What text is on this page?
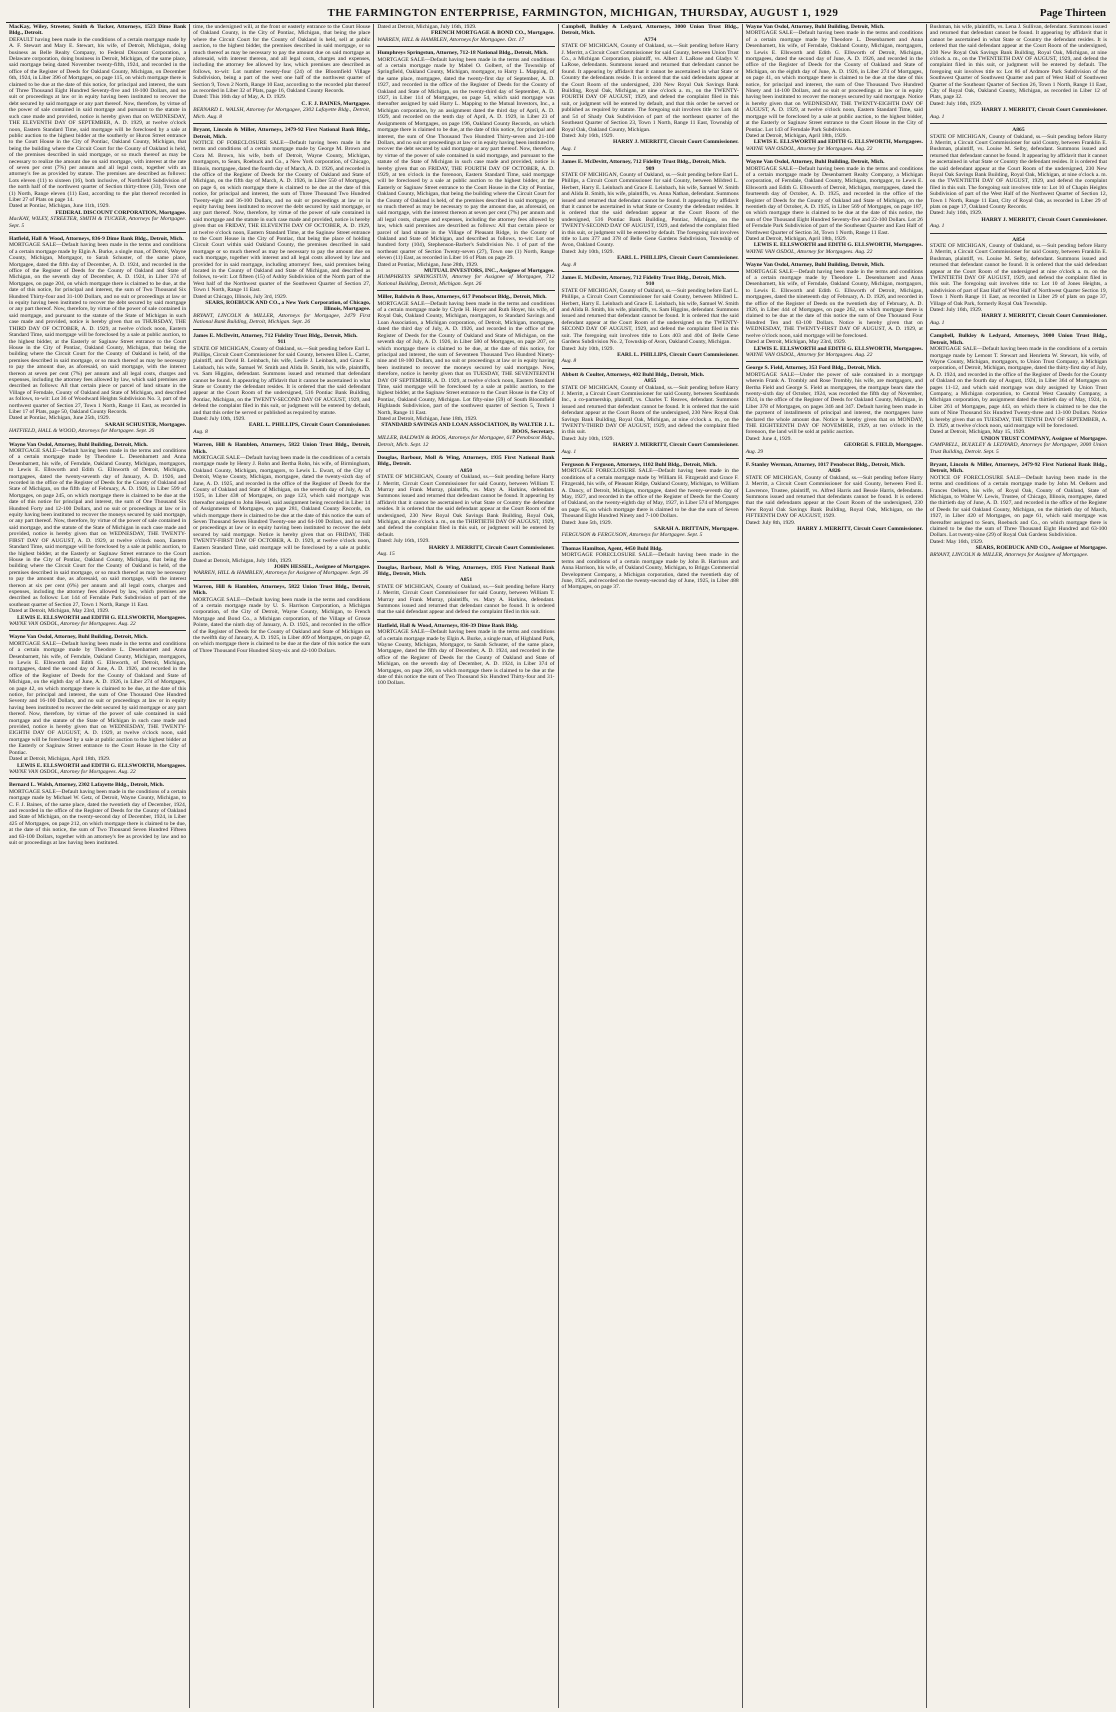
THE FARMINGTON ENTERPRISE, FARMINGTON, MICHIGAN, THURSDAY, AUGUST 1, 1929	Page Thirteen
MacKay, Wiley, Streeter, Smith & Tucker, Attorneys, 1523 Dime Bank Bldg., Detroit.
DEFAULT having been made in the conditions of a certain mortgage made by A. F. Stewart and Mary E. Stewart, his wife, of Detroit, Michigan, doing business as Belle Realty Company, to Federal Discount Corporation, a Delaware corporation, doing business in Detroit, Michigan, of the same place, said mortgage being dated November twenty-fifth, 1924, and recorded in the office of the Register of Deeds for Oakland County, Michigan, on December 6th, 1924, in Liber 396 of Mortgages, on page 115, on which mortgage there is claimed to be due at the date of this notice, for principal and interest, the sum of Three Thousand Eight Hundred Seventy-five and 18-100 Dollars, and no suit or proceedings at law or in equity having been instituted to recover the debt secured by said mortgage or any part thereof. Now, therefore, by virtue of the power of sale contained in said mortgage and pursuant to the statute in such case made and provided, notice is hereby given that on WEDNESDAY, THE ELEVENTH DAY OF SEPTEMBER, A. D. 1929, at twelve o'clock noon, Eastern Standard Time, said mortgage will be foreclosed by a sale at public auction to the highest bidder at the southerly or Huron Street entrance to the Court House in the City of Pontiac, Oakland County, Michigan, that being the building where the Circuit Court for the County of Oakland is held, of the premises described in said mortgage, or so much thereof as may be necessary to realize the amount due on said mortgage, with interest at the rate of seven per cent (7%) per annum and all legal costs, together with an attorney's fee as provided by statute. The premises are described as follows: Lots eleven (11) to sixteen (16), both inclusive, of Northfield Subdivision of the north half of the northwest quarter of Section thirty-three (33), Town one (1) North, Range eleven (11) East, according to the plat thereof recorded in Liber 27 of Plats on page 14.
Dated at Pontiac, Michigan, June 11th, 1929.
FEDERAL DISCOUNT CORPORATION, Mortgagee.
MacKAY, WILEY, STREETER, SMITH & TUCKER, Attorneys for Mortgagee. Sept. 5
Hatfield, Hall & Wood, Attorneys, 836-9 Dime Bank Bldg., Detroit, Mich.
MORTGAGE SALE—Default having been made in the terms and conditions of a certain mortgage made by Elgin A. Burke, a single man, of Detroit, Wayne County, Michigan, Mortgagor, to Sarah Schuster, of the same place, Mortgagee, dated the fifth day of December, A. D. 1924, and recorded in the office of the Register of Deeds for the County of Oakland and State of Michigan, on the seventh day of December, A. D. 1924, in Liber 374 of Mortgages, on page 204, on which mortgage there is claimed to be due, at the date of this notice, for principal and interest, the sum of Two Thousand Six Hundred Thirty-four and 31-100 Dollars, and no suit or proceedings at law or in equity having been instituted to recover the debt secured by said mortgage or any part thereof. Now, therefore, by virtue of the power of sale contained in said mortgage, and pursuant to the statute of the State of Michigan in such case made and provided, notice is hereby given that on THURSDAY, THE THIRD DAY OF OCTOBER, A. D. 1929, at twelve o'clock noon, Eastern Standard Time, said mortgage will be foreclosed by a sale at public auction, to the highest bidder, at the Easterly or Saginaw Street entrance to the Court House in the City of Pontiac, Oakland County, Michigan, that being the building where the Circuit Court for the County of Oakland is held, of the premises described in said mortgage, or so much thereof as may be necessary to pay the amount due, as aforesaid, on said mortgage, with the interest thereon at seven per cent (7%) per annum and all legal costs, charges and expenses, including the attorney fees allowed by law, which said premises are described as follows: All that certain piece or parcel of land situate in the Village of Ferndale, County of Oakland and State of Michigan, and described as follows, to-wit: Lot 36 of Woodward Heights Subdivision No. 3, part of the northwest quarter of Section 27, Town 1 North, Range 11 East, as recorded in Liber 17 of Plats, page 50, Oakland County Records.
Dated at Pontiac, Michigan, June 25th, 1929.
SARAH SCHUSTER, Mortgagee.
HATFIELD, HALL & WOOD, Attorneys for Mortgagee. Sept. 26
Wayne Van Osdol, Attorney, Buhl Building, Detroit, Mich.
MORTGAGE SALE—Default having been made in the terms and conditions of a certain mortgage made by Theodore L. Desenbarnett and Anna Desenbarnett, his wife, of Ferndale, Oakland County, Michigan, mortgagors, to Lewis E. Ellsworth and Edith G. Ellsworth of Detroit, Michigan, mortgagees, dated the twenty-seventh day of January, A. D. 1926, and recorded in the office of the Register of Deeds for the County of Oakland and State of Michigan, on the fifth day of February, A. D. 1926, in Liber 599 of Mortgages, on page 245, on which mortgage there is claimed to be due at the date of this notice for principal and interest, the sum of One Thousand Six Hundred Forty and 12-100 Dollars, and no suit or proceedings at law or in equity having been instituted to recover the moneys secured by said mortgage, or any part thereof. Now, therefore, by virtue of the power of sale contained in said mortgage, and the statute of the State of Michigan in such case made and provided, notice is hereby given that on WEDNESDAY, THE TWENTY-FIRST DAY OF AUGUST, A. D. 1929, at twelve o'clock noon, Eastern Standard Time, said mortgage will be foreclosed by a sale at public auction, to the highest bidder, at the Easterly or Saginaw Street entrance to the Court House in the City of Pontiac, Oakland County, Michigan, that being the building where the Circuit Court for the County of Oakland is held, of the premises described in said mortgage, or so much thereof as may be necessary to pay the amount due, as aforesaid, on said mortgage, with the interest thereon at six per cent (6%) per annum and all legal costs, charges and expenses, including the attorney fees allowed by law, which premises are described as follows: Lot 144 of Ferndale Park Subdivision of part of the southeast quarter of Section 27, Town 1 North, Range 11 East.
Dated at Detroit, Michigan, May 23rd, 1929.
LEWIS E. ELLSWORTH and EDITH G. ELLSWORTH, Mortgagees.
WAYNE VAN OSDOL, Attorney for Mortgagees. Aug. 22
Wayne Van Osdol, Attorney, Buhl Building, Detroit, Mich.
MORTGAGE SALE—Default having been made in the terms and conditions of a certain mortgage made by Theodore L. Desenbarnett and Anna Desenbarnett, his wife, of Ferndale, Oakland County, Michigan, mortgagors, to Lewis E. Ellsworth and Edith G. Ellsworth, of Detroit, Michigan, mortgagees, dated the second day of June, A. D. 1926, and recorded in the office of the Register of Deeds for the County of Oakland and State of Michigan, on the eighth day of June, A. D. 1926, in Liber 274 of Mortgages, on page 42, on which mortgage there is claimed to be due, at the date of this notice, for principal and interest, the sum of One Thousand One Hundred Seventy and 16-100 Dollars, and no suit or proceedings at law or in equity having been instituted to recover the debt secured by said mortgage or any part thereof. Now, therefore, by virtue of the power of sale contained in said mortgage and the statute of the State of Michigan in such case made and provided, notice is hereby given that on WEDNESDAY, THE TWENTY-EIGHTH DAY OF AUGUST, A. D. 1929, at twelve o'clock noon, said mortgage will be foreclosed by a sale at public auction to the highest bidder at the Easterly or Saginaw Street entrance to the Court House in the City of Pontiac.
Dated at Detroit, Michigan, April 18th, 1929.
LEWIS E. ELLSWORTH and EDITH G. ELLSWORTH, Mortgagees.
WAYNE VAN OSDOL, Attorney for Mortgagees. Aug. 22
Bernard L. Walsh, Attorney, 2302 Lafayette Bldg., Detroit, Mich.
MORTGAGE SALE—Default having been made in the conditions of a certain mortgage made by Michael W. Getz, of Detroit, Wayne County, Michigan, to C. F. J. Baines, of the same place, dated the twentieth day of December, 1924, and recorded in the office of the Register of Deeds for the County of Oakland and State of Michigan, on the twenty-second day of December, 1924, in Liber 425 of Mortgages, on page 212, on which mortgage there is claimed to be due, at the date of this notice, the sum of Two Thousand Seven Hundred Fifteen and 63-100 Dollars, together with an attorney's fee as provided by law and no suit or proceedings at law having been instituted.
time, the undersigned will, at the front or easterly entrance to the Court House of Oakland County, in the City of Pontiac, Michigan, that being the place where the Circuit Court for the County of Oakland is held, sell at public auction, to the highest bidder, the premises described in said mortgage, or so much thereof as may be necessary to pay the amount due on said mortgage as aforesaid, with interest thereon, and all legal costs, charges and expenses, including the attorney fee allowed by law, which premises are described as follows, to-wit: Lot number twenty-four (24) of the Bloomfield Village Subdivision, being a part of the west one half of the northwest quarter of Section 9, Town 2 North, Range 10 East, according to the recorded plat thereof as recorded in Liber 32 of Plats, page 16, Oakland County Records.
Dated: This 16th day of May, A. D. 1929.
C. F. J. BAINES, Mortgagee.
BERNARD L. WALSH, Attorney for Mortgagee, 2302 Lafayette Bldg., Detroit, Mich. Aug. 8
Bryant, Lincoln & Miller, Attorneys, 2479-92 First National Bank Bldg., Detroit, Mich.
NOTICE OF FORECLOSURE SALE—Default having been made in the terms and conditions of a certain mortgage made by George M. Brown and Cora M. Brown, his wife, both of Detroit, Wayne County, Michigan, mortgagors, to Sears, Roebuck and Co., a New York corporation, of Chicago, Illinois, mortgagee, dated the fourth day of March, A. D. 1926, and recorded in the office of the Register of Deeds for the County of Oakland and State of Michigan, on the fifth day of March, A. D. 1926, in Liber 550 of Mortgages, on page 6, on which mortgage there is claimed to be due at the date of this notice, for principal and interest, the sum of Three Thousand Two Hundred Twenty-eight and 36-100 Dollars, and no suit or proceedings at law or in equity having been instituted to recover the debt secured by said mortgage, or any part thereof. Now, therefore, by virtue of the power of sale contained in said mortgage and the statute in such case made and provided, notice is hereby given that on FRIDAY, THE ELEVENTH DAY OF OCTOBER, A. D. 1929, at twelve o'clock noon, Eastern Standard Time, at the Saginaw Street entrance to the Court House in the City of Pontiac, that being the place of holding Circuit Court within said Oakland County, the premises described in said mortgage or so much thereof as may be necessary to pay the amount due on such mortgage, together with interest and all legal costs allowed by law and provided for in said mortgage, including attorneys' fees, said premises being located in the County of Oakland and State of Michigan, and described as follows, to-wit: Lot fifteen (15) of Ashby Subdivision of the North part of the West half of the Northwest quarter of the Southwest Quarter of Section 27, Town 1 North, Range 11 East.
Dated at Chicago, Illinois, July 3rd, 1929.
SEARS, ROEBUCK AND CO., a New York Corporation, of Chicago, Illinois, Mortgagee.
BRYANT, LINCOLN & MILLER, Attorneys for Mortgagee, 2479 First National Bank Building, Detroit, Michigan. Sept. 26
James E. McDevitt, Attorney, 712 Fidelity Trust Bldg., Detroit, Mich.
911
STATE OF MICHIGAN, County of Oakland, ss.—Suit pending before Earl L. Phillips, Circuit Court Commissioner for said County, between Ellen L. Carter, plaintiff, and David B. Leinbach, his wife, Leslie J. Leinbach, and Grace E. Leinbach, his wife, Samuel W. Smith and Alida B. Smith, his wife, plaintiffs, vs. Sam Higgins, defendant. Summons issued and returned that defendant cannot be found. It appearing by affidavit that it cannot be ascertained in what State or Country the defendant resides. It is ordered that the said defendant appear at the Court Room of the undersigned, 516 Pontiac Bank Building, Pontiac, Michigan, on the TWENTY-SECOND DAY OF AUGUST, 1929, and defend the complaint filed in this suit, or judgment will be entered by default, and that this order be served or published as required by statute.
Dated: July 10th, 1929.
EARL L. PHILLIPS, Circuit Court Commissioner.
Aug. 8
Warren, Hill & Hamblen, Attorneys, 5822 Union Trust Bldg., Detroit, Mich.
MORTGAGE SALE—Default having been made in the conditions of a certain mortgage made by Henry J. Rohn and Bertha Rohn, his wife, of Birmingham, Oakland County, Michigan, mortgagors, to Lewis L. Ewart, of the City of Detroit, Wayne County, Michigan, mortgagee, dated the twenty-sixth day of June, A. D. 1925, and recorded in the office of the Register of Deeds for the County of Oakland and State of Michigan, on the seventh day of July, A. D. 1925, in Liber 438 of Mortgages, on page 123, which said mortgage was thereafter assigned to John Hessel, said assignment being recorded in Liber 14 of Assignments of Mortgages, on page 281, Oakland County Records, on which mortgage there is claimed to be due at the date of this notice the sum of Seven Thousand Seven Hundred Twenty-one and 64-100 Dollars, and no suit or proceedings at law or in equity having been instituted to recover the debt secured by said mortgage. Notice is hereby given that on FRIDAY, THE TWENTY-FIRST DAY OF OCTOBER, A. D. 1929, at twelve o'clock noon, Eastern Standard Time, said mortgage will be foreclosed by a sale at public auction.
Dated at Detroit, Michigan, July 16th, 1929.
JOHN HESSEL, Assignee of Mortgagee.
WARREN, HILL & HAMBLEN, Attorneys for Assignee of Mortgagee. Sept. 26
Warren, Hill & Hamblen, Attorneys, 5822 Union Trust Bldg., Detroit, Mich.
MORTGAGE SALE—Default having been made in the terms and conditions of a certain mortgage made by U. S. Harrison Corporation, a Michigan corporation, of the City of Detroit, Wayne County, Michigan, to French Mortgage and Bond Co., a Michigan corporation, of the Village of Grosse Pointe, dated the ninth day of January, A. D. 1925, and recorded in the office of the Register of Deeds for the County of Oakland and State of Michigan on the twelfth day of January, A. D. 1925, in Liber 409 of Mortgages, on page 42, on which mortgage there is claimed to be due at the date of this notice the sum of Three Thousand Four Hundred Sixty-six and 42-100 Dollars.
Dated at Detroit, Michigan, July 16th, 1929.
FRENCH MORTGAGE & BOND CO., Mortgagee.
WARREN, HILL & HAMBLEN, Attorneys for Mortgagee. Oct. 17
Humphreys Springstun, Attorney, 712-18 National Bldg., Detroit, Mich.
MORTGAGE SALE—Default having been made in the terms and conditions of a certain mortgage made by Mabel O. Golbert, of the Township of Springfield, Oakland County, Michigan, mortgagor, to Harry L. Mapping, of the same place, mortgagee, dated the twenty-first day of September, A. D. 1927, and recorded in the office of the Register of Deeds for the County of Oakland and State of Michigan, on the twenty-third day of September, A. D. 1927, in Liber 114 of Mortgages, on page 54, which said mortgage was thereafter assigned by said Harry L. Mapping to the Mutual Investors, Inc., a Michigan corporation, by an assignment dated the third day of April, A. D. 1929, and recorded on the tenth day of April, A. D. 1929, in Liber 23 of Assignments of Mortgages, on page 196, Oakland County Records, on which mortgage there is claimed to be due, at the date of this notice, for principal and interest, the sum of One Thousand Two Hundred Thirty-seven and 21-100 Dollars, and no suit or proceedings at law or in equity having been instituted to recover the debt secured by said mortgage or any part thereof. Now, therefore, by virtue of the power of sale contained in said mortgage, and pursuant to the statute of the State of Michigan in such case made and provided, notice is hereby given that on FRIDAY, THE FOURTH DAY OF OCTOBER, A. D. 1929, at ten o'clock in the forenoon, Eastern Standard Time, said mortgage will be foreclosed by a sale at public auction to the highest bidder, at the Easterly or Saginaw Street entrance to the Court House in the City of Pontiac, Oakland County, Michigan, that being the building where the Circuit Court for the County of Oakland is held, of the premises described in said mortgage, or so much thereof as may be necessary to pay the amount due, as aforesaid, on said mortgage, with the interest thereon at seven per cent (7%) per annum and all legal costs, charges and expenses, including the attorney fees allowed by law, which said premises are described as follows: All that certain piece or parcel of land situate in the Village of Pleasant Ridge, in the County of Oakland and State of Michigan, and described as follows, to-wit: Lot one hundred forty (104), Stephenson-Barber's Subdivision No. 1 of part of the northeast quarter of Section Twenty-seven (27), Town one (1) North, Range eleven (11) East, as recorded in Liber 16 of Plats on page 29.
Dated at Pontiac, Michigan, June 28th, 1929.
MUTUAL INVESTORS, INC., Assignee of Mortgagee.
HUMPHREYS SPRINGSTUN, Attorney for Assignee of Mortgagee, 712 National Building, Detroit, Michigan. Sept. 26
Miller, Baldwin & Boos, Attorneys, 617 Penobscot Bldg., Detroit, Mich.
MORTGAGE SALE—Default having been made in the terms and conditions of a certain mortgage made by Clyde H. Hoyer and Ruth Hoyer, his wife, of Royal Oak, Oakland County, Michigan, mortgagors, to Standard Savings and Loan Association, a Michigan corporation, of Detroit, Michigan, mortgagee, dated the third day of July, A. D. 1926, and recorded in the office of the Register of Deeds for the County of Oakland and State of Michigan, on the seventh day of July, A. D. 1926, in Liber 580 of Mortgages, on page 207, on which mortgage there is claimed to be due, at the date of this notice, for principal and interest, the sum of Seventeen Thousand Two Hundred Ninety-nine and 18-100 Dollars, and no suit or proceedings at law or in equity having been instituted to recover the moneys secured by said mortgage. Now, therefore, notice is hereby given that on TUESDAY, THE SEVENTEENTH DAY OF SEPTEMBER, A. D. 1929, at twelve o'clock noon, Eastern Standard Time, said mortgage will be foreclosed by a sale at public auction, to the highest bidder, at the Saginaw Street entrance to the Court House in the City of Pontiac, Oakland County, Michigan. Lot fifty-nine (59) of South Bloomfield Highlands Subdivision, part of the southwest quarter of Section 5, Town 1 North, Range 11 East.
Dated at Detroit, Michigan, June 18th, 1929.
STANDARD SAVINGS AND LOAN ASSOCIATION, By WALTER J. L. BOOS, Secretary.
MILLER, BALDWIN & BOOS, Attorneys for Mortgagee, 617 Penobscot Bldg., Detroit, Mich. Sept. 12
Douglas, Barbour, Moll & Wing, Attorneys, 1935 First National Bank Bldg., Detroit.
A850
STATE OF MICHIGAN, County of Oakland, ss.—Suit pending before Harry J. Merritt, Circuit Court Commissioner for said County, between William T. Murray and Frank Murray, plaintiffs, vs. Mary A. Harkins, defendant. Summons issued and returned that defendant cannot be found. It appearing by affidavit that it cannot be ascertained in what State or Country the defendant resides. It is ordered that the said defendant appear at the Court Room of the undersigned, 230 New Royal Oak Savings Bank Building, Royal Oak, Michigan, at nine o'clock a. m., on the THIRTIETH DAY OF AUGUST, 1929, and defend the complaint filed in this suit, or judgment will be entered by default.
Dated: July 16th, 1929.
HARRY J. MERRITT, Circuit Court Commissioner.
Aug. 15
Douglas, Barbour, Moll & Wing, Attorneys, 1935 First National Bank Bldg., Detroit, Mich.
A851
STATE OF MICHIGAN, County of Oakland, ss.—Suit pending before Harry J. Merritt, Circuit Court Commissioner for said County, between William T. Murray and Frank Murray, plaintiffs, vs. Mary A. Harkins, defendant. Summons issued and returned that defendant cannot be found. It is ordered that the said defendant appear and defend the complaint filed in this suit.
Hatfield, Hall & Wood, Attorneys, 836-39 Dime Bank Bldg.
MORTGAGE SALE—Default having been made in the terms and conditions of a certain mortgage made by Elgin A. Burke, a single man, of Highland Park, Wayne County, Michigan, Mortgagor, to Sarah Schuster, of the same place, Mortgagee, dated the fifth day of December, A. D. 1924, and recorded in the office of the Register of Deeds for the County of Oakland and State of Michigan, on the seventh day of December, A. D. 1924, in Liber 374 of Mortgages, on page 206, on which mortgage there is claimed to be due at the date of this notice the sum of Two Thousand Six Hundred Thirty-four and 31-100 Dollars.
Campbell, Bulkley & Ledyard, Attorneys, 3000 Union Trust Bldg., Detroit, Mich.
A774
STATE OF MICHIGAN, County of Oakland, ss.—Suit pending before Harry J. Merritt, a Circuit Court Commissioner for said County, between Union Trust Co., a Michigan Corporation, plaintiff, vs. Albert J. LaRose and Gladys V. LaRose, defendants. Summons issued and returned that defendant cannot be found. It appearing by affidavit that it cannot be ascertained in what State or Country the defendants reside. It is ordered that the said defendants appear at the Court Room of the undersigned, 230 New Royal Oak Savings Bank Building, Royal Oak, Michigan, at nine o'clock a. m., on the TWENTY-FOURTH DAY OF AUGUST, 1929, and defend the complaint filed in this suit, or judgment will be entered by default, and that this order be served or published as required by statute. The foregoing suit involves title to: Lots 44 and 54 of Shady Oak Subdivision of part of the northeast quarter of the Southeast Quarter of Section 23, Town 1 North, Range 11 East, Township of Royal Oak, Oakland County, Michigan.
Dated: July 16th, 1929.
HARRY J. MERRITT, Circuit Court Commissioner.
Aug. 1
James E. McDevitt, Attorney, 712 Fidelity Trust Bldg., Detroit, Mich.
909
STATE OF MICHIGAN, County of Oakland, ss.—Suit pending before Earl L. Phillips, a Circuit Court Commissioner for said County, between Mildred L. Herbert, Harry E. Leinbach and Grace E. Leinbach, his wife, Samuel W. Smith and Alida B. Smith, his wife, plaintiffs, vs. Anna Nathan, defendant. Summons issued and returned that defendant cannot be found. It appearing by affidavit that it cannot be ascertained in what State or Country the defendant resides. It is ordered that the said defendant appear at the Court Room of the undersigned, 516 Pontiac Bank Building, Pontiac, Michigan, on the TWENTY-SECOND DAY OF AUGUST, 1929, and defend the complaint filed in this suit, or judgment will be entered by default. The foregoing suit involves title to Lots 377 and 378 of Belle Gene Gardens Subdivision, Township of Avon, Oakland County.
Dated: July 10th, 1929.
EARL L. PHILLIPS, Circuit Court Commissioner.
Aug. 8
James E. McDevitt, Attorney, 712 Fidelity Trust Bldg., Detroit, Mich.
910
STATE OF MICHIGAN, County of Oakland, ss.—Suit pending before Earl L. Phillips, a Circuit Court Commissioner for said County, between Mildred L. Herbert, Harry E. Leinbach and Grace E. Leinbach, his wife, Samuel W. Smith and Alida B. Smith, his wife, plaintiffs, vs. Sam Higgins, defendant. Summons issued and returned that defendant cannot be found. It is ordered that the said defendant appear at the Court Room of the undersigned on the TWENTY-SECOND DAY OF AUGUST, 1929, and defend the complaint filed in this suit. The foregoing suit involves title to Lots 403 and 404 of Belle Gene Gardens Subdivision No. 2, Township of Avon, Oakland County, Michigan.
Dated: July 10th, 1929.
EARL L. PHILLIPS, Circuit Court Commissioner.
Aug. 8
Abbott & Coulter, Attorneys, 402 Buhl Bldg., Detroit, Mich.
A855
STATE OF MICHIGAN, County of Oakland, ss.—Suit pending before Harry J. Merritt, a Circuit Court Commissioner for said County, between Southlands Inc., a co-partnership, plaintiff, vs. Charles T. Reaves, defendant. Summons issued and returned that defendant cannot be found. It is ordered that the said defendant appear at the Court Room of the undersigned, 230 New Royal Oak Savings Bank Building, Royal Oak, Michigan, at nine o'clock a. m., on the TWENTY-THIRD DAY OF AUGUST, 1929, and defend the complaint filed in this suit.
Dated: July 10th, 1929.
HARRY J. MERRITT, Circuit Court Commissioner.
Aug. 1
Ferguson & Ferguson, Attorneys, 1102 Buhl Bldg., Detroit, Mich.
MORTGAGE FORECLOSURE SALE—Default having been made in the conditions of a certain mortgage made by William H. Fitzgerald and Grace F. Fitzgerald, his wife, of Pleasant Ridge, Oakland County, Michigan, to William A. Dancy, of Detroit, Michigan, mortgagee, dated the twenty-seventh day of May, 1927, and recorded in the office of the Register of Deeds for the County of Oakland, on the twenty-eighth day of May, 1927, in Liber 574 of Mortgages on page 65, on which mortgage there is claimed to be due the sum of Seven Thousand Eight Hundred Ninety and 7-100 Dollars.
Dated: June 5th, 1929.
SARAH A. BRITTAIN, Mortgagee.
FERGUSON & FERGUSON, Attorneys for Mortgagee. Sept. 5
Thomas Hamilton, Agent, 4450 Buhl Bldg.
MORTGAGE FORECLOSURE SALE—Default having been made in the terms and conditions of a certain mortgage made by John B. Harrison and Anna Harrison, his wife, of Oakland County, Michigan, to Briggs Commercial Development Company, a Michigan corporation, dated the twentieth day of June, 1925, and recorded on the twenty-second day of June, 1925, in Liber 488 of Mortgages, on page 37.
Wayne Van Osdol, Attorney, Buhl Building, Detroit, Mich.
MORTGAGE SALE—Default having been made in the terms and conditions of a certain mortgage made by Theodore L. Desenbarnett and Anna Desenbarnett, his wife, of Ferndale, Oakland County, Michigan, mortgagors, to Lewis E. Ellsworth and Edith G. Ellsworth of Detroit, Michigan, mortgagees, dated the second day of June, A. D. 1926, and recorded in the office of the Register of Deeds for the County of Oakland and State of Michigan, on the eighth day of June, A. D. 1926, in Liber 274 of Mortgages, on page 41, on which mortgage there is claimed to be due at the date of this notice, for principal and interest, the sum of One Thousand Two Hundred Ninety and 14-100 Dollars, and no suit or proceedings at law or in equity having been instituted to recover the moneys secured by said mortgage. Notice is hereby given that on WEDNESDAY, THE TWENTY-EIGHTH DAY OF AUGUST, A. D. 1929, at twelve o'clock noon, Eastern Standard Time, said mortgage will be foreclosed by a sale at public auction, to the highest bidder, at the Easterly or Saginaw Street entrance to the Court House in the City of Pontiac. Lot 143 of Ferndale Park Subdivision.
Dated at Detroit, Michigan, April 18th, 1929.
LEWIS E. ELLSWORTH and EDITH G. ELLSWORTH, Mortgagees.
WAYNE VAN OSDOL, Attorney for Mortgagees. Aug. 22
Wayne Van Osdol, Attorney, Buhl Building, Detroit, Mich.
MORTGAGE SALE—Default having been made in the terms and conditions of a certain mortgage made by Desenbarnett Realty Company, a Michigan corporation, of Ferndale, Oakland County, Michigan, mortgagor, to Lewis E. Ellsworth and Edith G. Ellsworth of Detroit, Michigan, mortgagees, dated the fourteenth day of October, A. D. 1925, and recorded in the office of the Register of Deeds for the County of Oakland and State of Michigan, on the twentieth day of October, A. D. 1925, in Liber 569 of Mortgages, on page 187, on which mortgage there is claimed to be due at the date of this notice, the sum of One Thousand Eight Hundred Seventy-five and 22-100 Dollars. Lot 26 of Ferndale Park Subdivision of part of the Southeast Quarter and East Half of Northwest Quarter of Section 34, Town 1 North, Range 11 East.
Dated at Detroit, Michigan, April 18th, 1929.
LEWIS E. ELLSWORTH and EDITH G. ELLSWORTH, Mortgagees.
WAYNE VAN OSDOL, Attorney for Mortgagees. Aug. 22
Wayne Van Osdol, Attorney, Buhl Building, Detroit, Mich.
MORTGAGE SALE—Default having been made in the terms and conditions of a certain mortgage made by Theodore L. Desenbarnett and Anna Desenbarnett, his wife, of Ferndale, Oakland County, Michigan, mortgagors, to Lewis E. Ellsworth and Edith G. Ellsworth of Detroit, Michigan, mortgagees, dated the nineteenth day of February, A. D. 1926, and recorded in the office of the Register of Deeds on the twentieth day of February, A. D. 1926, in Liber 444 of Mortgages, on page 262, on which mortgage there is claimed to be due at the date of this notice the sum of One Thousand Four Hundred Ten and 63-100 Dollars. Notice is hereby given that on WEDNESDAY, THE TWENTY-FIRST DAY OF AUGUST, A. D. 1929, at twelve o'clock noon, said mortgage will be foreclosed.
Dated at Detroit, Michigan, May 23rd, 1929.
LEWIS E. ELLSWORTH and EDITH G. ELLSWORTH, Mortgagees.
WAYNE VAN OSDOL, Attorney for Mortgagees. Aug. 22
George S. Field, Attorney, 353 Ford Bldg., Detroit, Mich.
MORTGAGE SALE—Under the power of sale contained in a mortgage wherein Frank A. Trombly and Rose Trombly, his wife, are mortgagors, and Bertha Field and George S. Field as mortgagees, the mortgage bears date the twenty-sixth day of October, 1924, was recorded the fifth day of November, 1924, in the office of the Register of Deeds for Oakland County, Michigan, in Liber 378 of Mortgages, on pages 346 and 347. Default having been made in the payment of installments of principal and interest, the mortgagees have declared the whole amount due. Notice is hereby given that on MONDAY, THE EIGHTEENTH DAY OF NOVEMBER, 1929, at ten o'clock in the forenoon, the land will be sold at public auction.
Dated: June 4, 1929.
GEORGE S. FIELD, Mortgagee.
Aug. 29
F. Stanley Werman, Attorney, 1017 Penobscot Bldg., Detroit, Mich.
A826
STATE OF MICHIGAN, County of Oakland, ss.—Suit pending before Harry J. Merritt, a Circuit Court Commissioner for said County, between Fred E. Lawrence, Trustee, plaintiff, vs. Alfred Harris and Bessie Harris, defendants. Summons issued and returned that defendants cannot be found. It is ordered that the said defendants appear at the Court Room of the undersigned, 230 New Royal Oak Savings Bank Building, Royal Oak, Michigan, on the FIFTEENTH DAY OF AUGUST, 1929.
Dated: July 8th, 1929.
HARRY J. MERRITT, Circuit Court Commissioner.
Bushman, his wife, plaintiffs, vs. Lena J. Sullivan, defendant. Summons issued and returned that defendant cannot be found. It appearing by affidavit that it cannot be ascertained in what State or Country the defendant resides. It is ordered that the said defendant appear at the Court Room of the undersigned, 230 New Royal Oak Savings Bank Building, Royal Oak, Michigan, at nine o'clock a. m., on the TWENTIETH DAY OF AUGUST, 1929, and defend the complaint filed in this suit, or judgment will be entered by default. The foregoing suit involves title to: Lot 86 of Ardmore Park Subdivision of the Southwest Quarter of Southwest Quarter and part of West Half of Southwest Quarter of the Southeast Quarter of Section 26, Town 1 North, Range 11 East, City of Royal Oak, Oakland County, Michigan, as recorded in Liber 12 of Plats, page 32.
Dated: July 16th, 1929.
HARRY J. MERRITT, Circuit Court Commissioner.
Aug. 1
A865
STATE OF MICHIGAN, County of Oakland, ss.—Suit pending before Harry J. Merritt, a Circuit Court Commissioner for said County, between Franklin E. Bushman, plaintiff, vs. Louise M. Selby, defendant. Summons issued and returned that defendant cannot be found. It appearing by affidavit that it cannot be ascertained in what State or Country the defendant resides. It is ordered that the said defendant appear at the Court Room of the undersigned, 230 New Royal Oak Savings Bank Building, Royal Oak, Michigan, at nine o'clock a. m. on the TWENTIETH DAY OF AUGUST, 1929, and defend the complaint filed in this suit. The foregoing suit involves title to: Lot 10 of Chapin Heights Subdivision of part of the West Half of the Northwest Quarter of Section 12, Town 1 North, Range 11 East, City of Royal Oak, as recorded in Liber 29 of plats on page 17, Oakland County Records.
Dated: July 16th, 1929.
HARRY J. MERRITT, Circuit Court Commissioner.
Aug. 1
A854
STATE OF MICHIGAN, County of Oakland, ss.—Suit pending before Harry J. Merritt, a Circuit Court Commissioner for said County, between Franklin E. Bushman, plaintiff, vs. Louise M. Selby, defendant. Summons issued and returned that defendant cannot be found. It is ordered that the said defendant appear at the Court Room of the undersigned at nine o'clock a. m. on the TWENTIETH DAY OF AUGUST, 1929, and defend the complaint filed in this suit. The foregoing suit involves title to: Lot 10 of Jones Heights, a subdivision of part of East Half of West Half of Northwest Quarter Section 19, Town 1 North Range 11 East, as recorded in Liber 29 of plats on page 37, Village of Oak Park, formerly Royal Oak Township.
Dated: July 16th, 1929.
HARRY J. MERRITT, Circuit Court Commissioner.
Aug. 1
Campbell, Bulkley & Ledyard, Attorneys, 3000 Union Trust Bldg., Detroit, Mich.
MORTGAGE SALE—Default having been made in the conditions of a certain mortgage made by Lemont T. Stewart and Henrietta W. Stewart, his wife, of Wayne County, Michigan, mortgagors, to Union Trust Company, a Michigan corporation, of Detroit, Michigan, mortgagee, dated the thirty-first day of July, A. D. 1924, and recorded in the office of the Register of Deeds for the County of Oakland on the fourth day of August, 1924, in Liber 364 of Mortgages on pages 11-12, and which said mortgage was duly assigned by Union Trust Company, a Michigan corporation, to Central West Casualty Company, a Michigan corporation, by assignment dated the thirtieth day of May, 1924, in Liber 261 of Mortgages, page 443, on which there is claimed to be due the sum of Nine Thousand Six Hundred Twenty-three and 13-100 Dollars. Notice is hereby given that on TUESDAY, THE TENTH DAY OF SEPTEMBER, A. D. 1929, at twelve o'clock noon, said mortgage will be foreclosed.
Dated at Detroit, Michigan, May 15, 1929.
UNION TRUST COMPANY, Assignee of Mortgagee.
CAMPBELL, BULKLEY & LEDYARD, Attorneys for Mortgagee, 3000 Union Trust Building, Detroit. Sept. 5
Bryant, Lincoln & Miller, Attorneys, 2479-92 First National Bank Bldg., Detroit, Mich.
NOTICE OF FORECLOSURE SALE—Default having been made in the terms and conditions of a certain mortgage made by John M. Oelkers and Frances Oelkers, his wife, of Royal Oak, County of Oakland, State of Michigan, to Walter W. Lewis, Trustee, of Chicago, Illinois, mortgagee, dated the thirtieth day of June, A. D. 1927, and recorded in the office of the Register of Deeds for said Oakland County, Michigan, on the thirtieth day of March, 1927, in Liber 420 of Mortgages, on page 61, which said mortgage was thereafter assigned to Sears, Roebuck and Co., on which mortgage there is claimed to be due the sum of Three Thousand Eight Hundred and 63-100 Dollars. Lot twenty-nine (29) of Royal Oak Gardens Subdivision.
Dated: May 16th, 1929.
SEARS, ROEBUCK AND CO., Assignee of Mortgagee.
BRYANT, LINCOLN & MILLER, Attorneys for Assignee of Mortgagee.
